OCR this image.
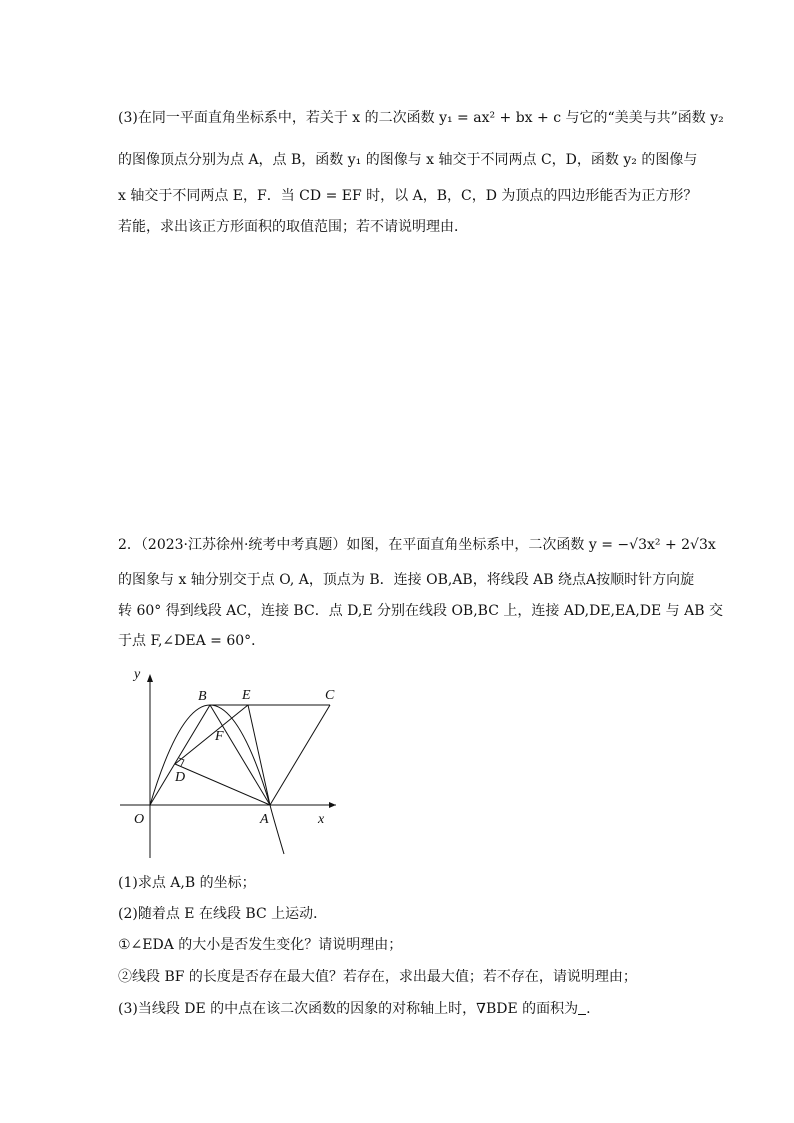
(3)在同一平面直角坐标系中，若关于 x 的二次函数 y₁ = ax² + bx + c 与它的“美美与共”函数 y₂
的图像顶点分别为点 A，点 B，函数 y₁ 的图像与 x 轴交于不同两点 C，D，函数 y₂ 的图像与
x 轴交于不同两点 E，F．当 CD = EF 时，以 A，B，C，D 为顶点的四边形能否为正方形？
若能，求出该正方形面积的取值范围；若不请说明理由．
2．（2023·江苏徐州·统考中考真题）如图，在平面直角坐标系中，二次函数 y = −√3x² + 2√3x
的图象与 x 轴分别交于点 O, A，顶点为 B．连接 OB,AB，将线段 AB 绕点A按顺时针方向旋
转 60° 得到线段 AC，连接 BC．点 D,E 分别在线段 OB,BC 上，连接 AD,DE,EA,DE 与 AB 交
于点 F,∠DEA = 60°．
y
x
O	A
B	E	C
F
D
(1)求点 A,B 的坐标；
(2)随着点 E 在线段 BC 上运动．
①∠EDA 的大小是否发生变化？请说明理由；
②线段 BF 的长度是否存在最大值？若存在，求出最大值；若不存在，请说明理由；
(3)当线段 DE 的中点在该二次函数的因象的对称轴上时，∇BDE 的面积为 .
